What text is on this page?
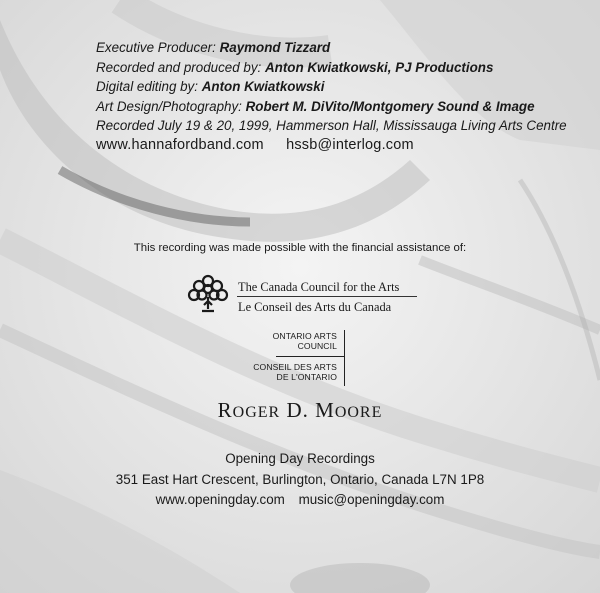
Executive Producer: Raymond Tizzard
Recorded and produced by: Anton Kwiatkowski, PJ Productions
Digital editing by: Anton Kwiatkowski
Art Design/Photography: Robert M. DiVito/Montgomery Sound & Image
Recorded July 19 & 20, 1999, Hammerson Hall, Mississauga Living Arts Centre
www.hannafordband.com hssb@interlog.com
This recording was made possible with the financial assistance of:
The Canada Council for the Arts
Le Conseil des Arts du Canada
ONTARIO ARTS
COUNCIL
CONSEIL DES ARTS
DE L'ONTARIO
ROGER D. MOORE
Opening Day Recordings
351 East Hart Crescent, Burlington, Ontario, Canada L7N 1P8
www.openingday.com music@openingday.com
